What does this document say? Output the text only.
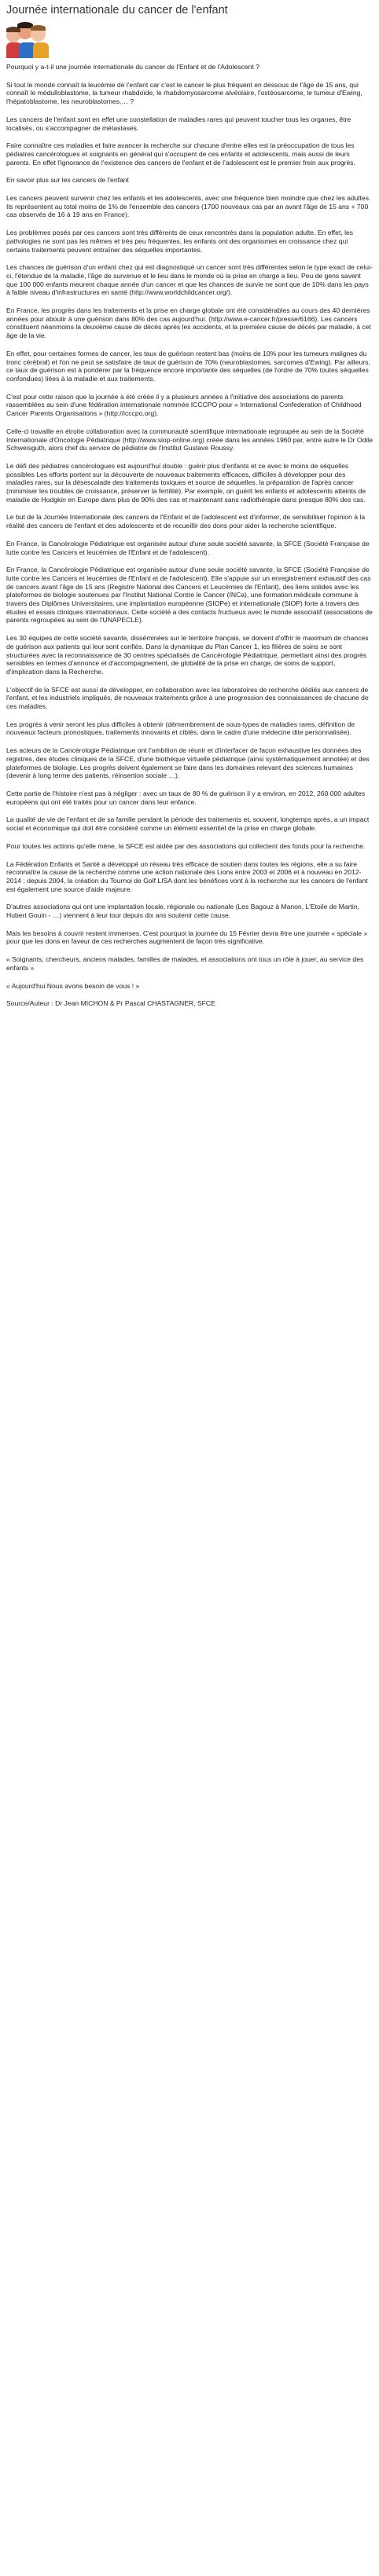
Journée internationale du cancer de l'enfant

Pourquoi y a-t-il une journée internationale du cancer de l'Enfant et de l'Adolescent ?

Si tout le monde connaît la leucémie de l'enfant car c'est le cancer le plus fréquent en dessous de l'âge de 15 ans, qui connaît le médulloblastome, la tumeur rhabdoïde, le rhabdomyosarcome alvéolaire, l'ostéosarcome, le tumeur d'Ewing, l'hépatoblastome, les neuroblastomes,… ?

Les cancers de l'enfant sont en effet une constellation de maladies rares qui peuvent toucher tous les organes, être localisés, ou s'accompagner de métastases.

Faire connaître ces maladies et faire avancer la recherche sur chacune d'entre elles est la préoccupation de tous les pédiatres cancérologues et soignants en général qui s'occupent de ces enfants et adolescents, mais aussi de leurs parents. En effet l'ignorance de l'existence des cancers de l'enfant et de l'adolescent est le premier frein aux progrès.

En savoir plus sur les cancers de l'enfant

Les cancers peuvent survenir chez les enfants et les adolescents, avec une fréquence bien moindre que chez les adultes. Ils représentent au total moins de 1% de l'ensemble des cancers (1700 nouveaux cas par an avant l'âge de 15 ans + 700 cas observés de 16 à 19 ans en France).

Les problèmes posés par ces cancers sont très différents de ceux rencontrés dans la population adulte. En effet, les pathologies ne sont pas les mêmes et très peu fréquentes, les enfants ont des organismes en croissance chez qui certains traitements peuvent entraîner des séquelles importantes.

Les chances de guérison d'un enfant chez qui est diagnostiqué un cancer sont très différentes selon le type exact de celui-ci, l'étendue de la maladie, l'âge de survenue et le lieu dans le monde où la prise en charge a lieu. Peu de gens savent que 100 000 enfants meurent chaque année d'un cancer et que les chances de survie ne sont que de 10% dans les pays à faible niveau d'infrastructures en santé (http://www.worldchildcancer.org/).

En France, les progrès dans les traitements et la prise en charge globale ont été considérables au cours des 40 dernières années pour aboutir à une guérison dans 80% des cas aujourd'hui. (http://www.e-cancer.fr/presse/6166). Les cancers constituent néanmoins la deuxième cause de décès après les accidents, et la première cause de décès par maladie, à cet âge de la vie.

En effet, pour certaines formes de cancer, les taux de guérison restent bas (moins de 10% pour les tumeurs malignes du tronc cérébral) et l'on ne peut se satisfaire de taux de guérison de 70% (neuroblastomes, sarcomes d'Ewing). Par ailleurs, ce taux de guérison est à pondérer par la fréquence encore importante des séquelles (de l'ordre de 70% toutes séquelles confondues) liées à la maladie et aux traitements.

C'est pour cette raison que la journée a été créée il y a plusieurs années à l'initiative des associations de parents rassemblées au sein d'une fédération internationale nommée ICCCPO pour « International Confederation of Childhood Cancer Parents Organisations » (http://icccpo.org).

Celle-ci travaille en étroite collaboration avec la communauté scientifique internationale regroupée au sein de la Société Internationale d'Oncologie Pédiatrique (http://www.siop-online.org) créée dans les années 1960 par, entre autre le Dr Odile Schweisguth, alors chef du service de pédiatrie de l'Institut Gustave Roussy.

Le défi des pédiatres cancérologues est aujourd'hui double : guérir plus d'enfants et ce avec le moins de séquelles possibles Les efforts portent sur la découverte de nouveaux traitements efficaces, difficiles à développer pour des maladies rares, sur la désescalade des traitements toxiques et source de séquelles, la préparation de l'après cancer (minimiser les troubles de croissance, préserver la fertilité). Par exemple, on guérit les enfants et adolescents atteints de maladie de Hodgkin en Europe dans plus de 90% des cas et maintenant sans radiothérapie dans presque 80% des cas.

Le but de la Journée Internationale des cancers de l'Enfant et de l'adolescent est d'informer, de sensibiliser l'opinion à la réalité des cancers de l'enfant et des adolescents et de recueillir des dons pour aider la recherche scientifique.

En France, la Cancérologie Pédiatrique est organisée autour d'une seule société savante, la SFCE (Société Française de lutte contre les Cancers et leucémies de l'Enfant et de l'adolescent).

En France, la Cancérologie Pédiatrique est organisée autour d'une seule société savante, la SFCE (Société Française de lutte contre les Cancers et leucémies de l'Enfant et de l'adolescent). Elle s'appuie sur un enregistrement exhaustif des cas de cancers avant l'âge de 15 ans (Registre National des Cancers et Leucémies de l'Enfant), des liens solides avec les plateformes de biologie soutenues par l'Institut National Contre le Cancer (INCa), une formation médicale commune à travers des Diplômes Universitaires, une implantation européenne (SIOPe) et internationale (SIOP) forte à travers des études et essais cliniques internationaux. Cette société a des contacts fructueux avec le monde associatif (associations de parents regroupées au sein de l'UNAPECLE).

Les 30 équipes de cette société savante, disséminées sur le territoire français, se doivent d'offrir le maximum de chances de guérison aux patients qui leur sont confiés. Dans la dynamique du Plan Cancer 1, les filières de soins se sont structurées avec la reconnaissance de 30 centres spécialisés de Cancérologie Pédiatrique, permettant ainsi des progrès sensibles en termes d'annonce et d'accompagnement, de globalité de la prise en charge, de soins de support, d'implication dans la Recherche.

L'objectif de la SFCE est aussi de développer, en collaboration avec les laboratoires de recherche dédiés aux cancers de l'enfant, et les industriels impliqués, de nouveaux traitements grâce à une progression des connaissances de chacune de ces maladies.

Les progrès à venir seront les plus difficiles à obtenir (démembrement de sous-types de maladies rares, définition de nouveaux facteurs pronostiques, traitements innovants et ciblés, dans le cadre d'une médecine dite personnalisée).

Les acteurs de la Cancérologie Pédiatrique ont l'ambition de réunir et d'interfacer de façon exhaustive les données des registres, des études cliniques de la SFCE, d'une biothèque virtuelle pédiatrique (ainsi systématiquement annotée) et des plateformes de biologie. Les progrès doivent également se faire dans les domaines relevant des sciences humaines (devenir à long terme des patients, réinsertion sociale …).

Cette partie de l'histoire n'est pas à négliger : avec un taux de 80 % de guérison il y a environ, en 2012, 260 000 adultes européens qui ont été traités pour un cancer dans leur enfance.

La qualité de vie de l'enfant et de sa famille pendant la période des traitements et, souvent, longtemps après, a un impact social et économique qui doit être considéré comme un élément essentiel de la prise en charge globale.

Pour toutes les actions qu'elle mène, la SFCE est aidée par des associations qui collectent des fonds pour la recherche.

La Fédération Enfants et Santé a développé un réseau très efficace de soutien dans toutes les régions, elle a su faire reconnaître la cause de la recherche comme une action nationale des Lions entre 2003 et 2006 et à nouveau en 2012-2014 ; depuis 2004, la création du Tournoi de Golf LISA dont les bénéfices vont à la recherche sur les cancers de l'enfant est également une source d'aide majeure.

D'autres associations qui ont une implantation locale, régionale ou nationale (Les Bagouz à Manon, L'Etoile de Martin, Hubert Gouin - …) viennent à leur tour depuis dix ans soutenir cette cause.

Mais les besoins à couvrir restent immenses. C'est pourquoi la journée du 15 Février devra être une journée « spéciale » pour que les dons en faveur de ces recherches augmentent de façon très significative.

« Soignants, chercheurs, anciens malades, familles de malades, et associations ont tous un rôle à jouer, au service des enfants »

« Aujourd'hui Nous avons besoin de vous ! »

Source/Auteur : Dr Jean MICHON & Pr Pascal CHASTAGNER, SFCE
